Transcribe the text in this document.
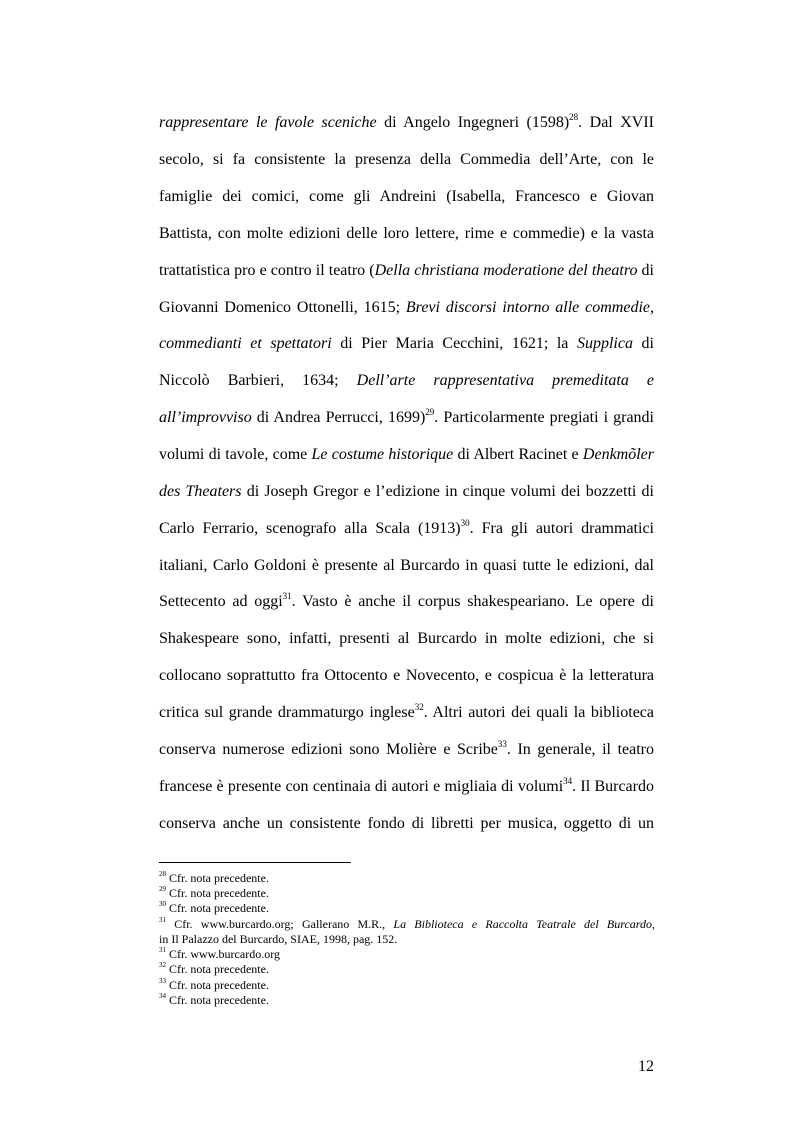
rappresentare le favole sceniche di Angelo Ingegneri $(1598)^{28}$. Dal XVII
secolo, si fa consistente la presenza della Commedia dell’Arte, con le
famiglie dei comici, come gli Andreini (Isabella, Francesco e Giovan
Battista, con molte edizioni delle loro lettere, rime e commedie) e la vasta
trattatistica pro e contro il teatro (Della christiana moderatione del theatro di
Giovanni Domenico Ottonelli, 1615; Brevi discorsi intorno alle commedie,
commedianti et spettatori di Pier Maria Cecchini, 1621; la Supplica di
Niccolò Barbieri, 1634; Dell’arte rappresentativa premeditata e
all’improvviso di Andrea Perrucci, 1699)$^{29}$. Particolarmente pregiati i grandi
volumi di tavole, come Le costume historique di Albert Racinet e Denkmõler
des Theaters di Joseph Gregor e l’edizione in cinque volumi dei bozzetti di
Carlo Ferrario, scenografo alla Scala $(1913)^{30}$. Fra gli autori drammatici
italiani, Carlo Goldoni è presente al Burcardo in quasi tutte le edizioni, dal
Settecento ad oggi$^{31}$. Vasto è anche il corpus shakespeariano. Le opere di
Shakespeare sono, infatti, presenti al Burcardo in molte edizioni, che si
collocano soprattutto fra Ottocento e Novecento, e cospicua è la letteratura
critica sul grande drammaturgo inglese$^{32}$. Altri autori dei quali la biblioteca
conserva numerose edizioni sono Molière e Scribe$^{33}$. In generale, il teatro
francese è presente con centinaia di autori e migliaia di volumi$^{34}$. Il Burcardo
conserva anche un consistente fondo di libretti per musica, oggetto di un
$^{28}$ Cfr. nota precedente.
$^{29}$ Cfr. nota precedente.
$^{30}$ Cfr. nota precedente.
$^{31}$ Cfr. www.burcardo.org; Gallerano M.R., La Biblioteca e Raccolta Teatrale del Burcardo,
in Il Palazzo del Burcardo, SIAE, 1998, pag. 152.
$^{31}$ Cfr. www.burcardo.org
$^{32}$ Cfr. nota precedente.
$^{33}$ Cfr. nota precedente.
$^{34}$ Cfr. nota precedente.
12
